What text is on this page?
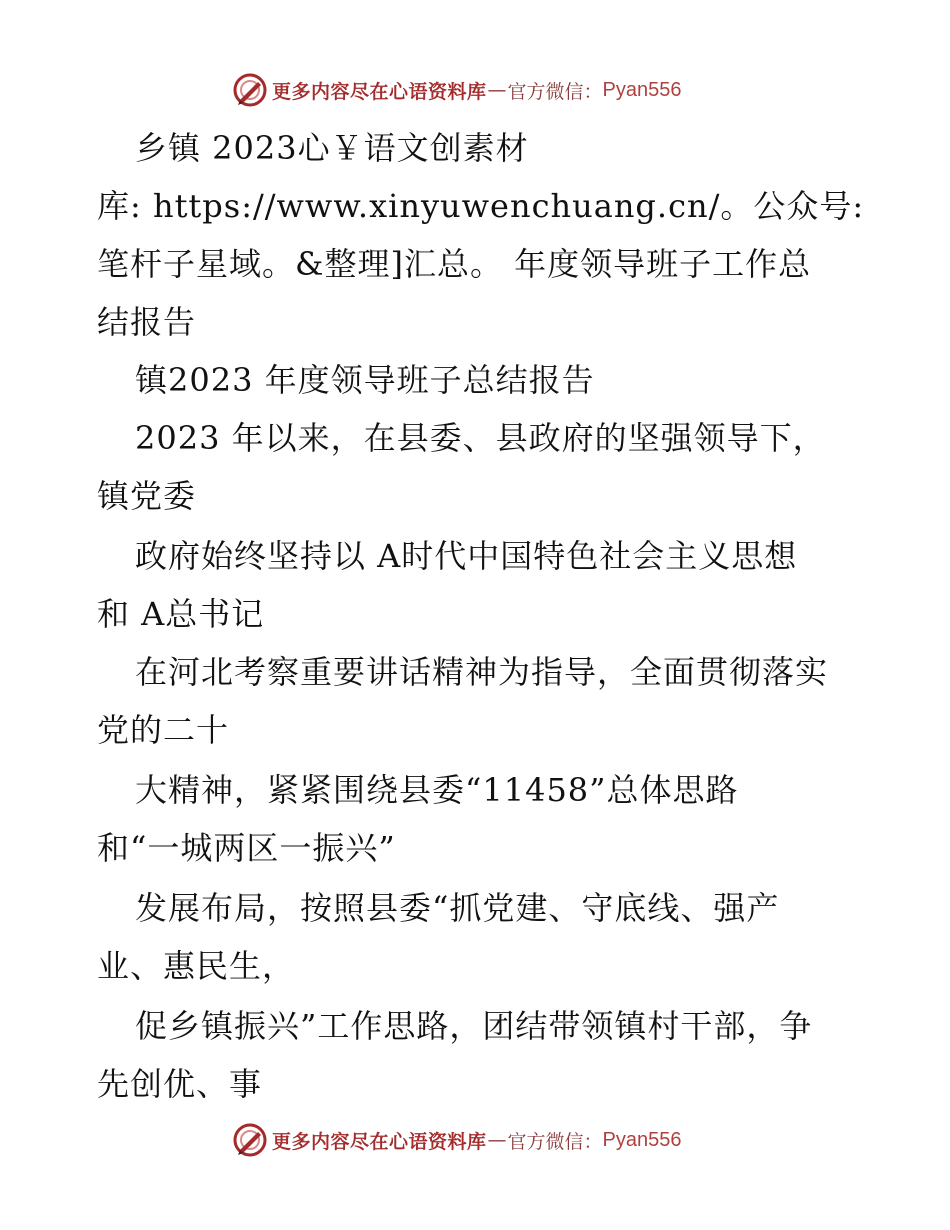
更多内容尽在心语资料库 — 官方微信： Pyan556
乡镇 2023心￥语文创素材
库: https://www.xinyuwenchuang.cn/。公众号:
笔杆子星域。&整理]汇总。 年度领导班子工作总
结报告
镇2023 年度领导班子总结报告
2023 年以来，在县委、县政府的坚强领导下，
镇党委
政府始终坚持以 A时代中国特色社会主义思想
和 A总书记
在河北考察重要讲话精神为指导，全面贯彻落实
党的二十
大精神，紧紧围绕县委“11458”总体思路
和“一城两区一振兴”
发展布局，按照县委“抓党建、守底线、强产
业、惠民生，
促乡镇振兴”工作思路，团结带领镇村干部，争
先创优、事
更多内容尽在心语资料库 — 官方微信： Pyan556
